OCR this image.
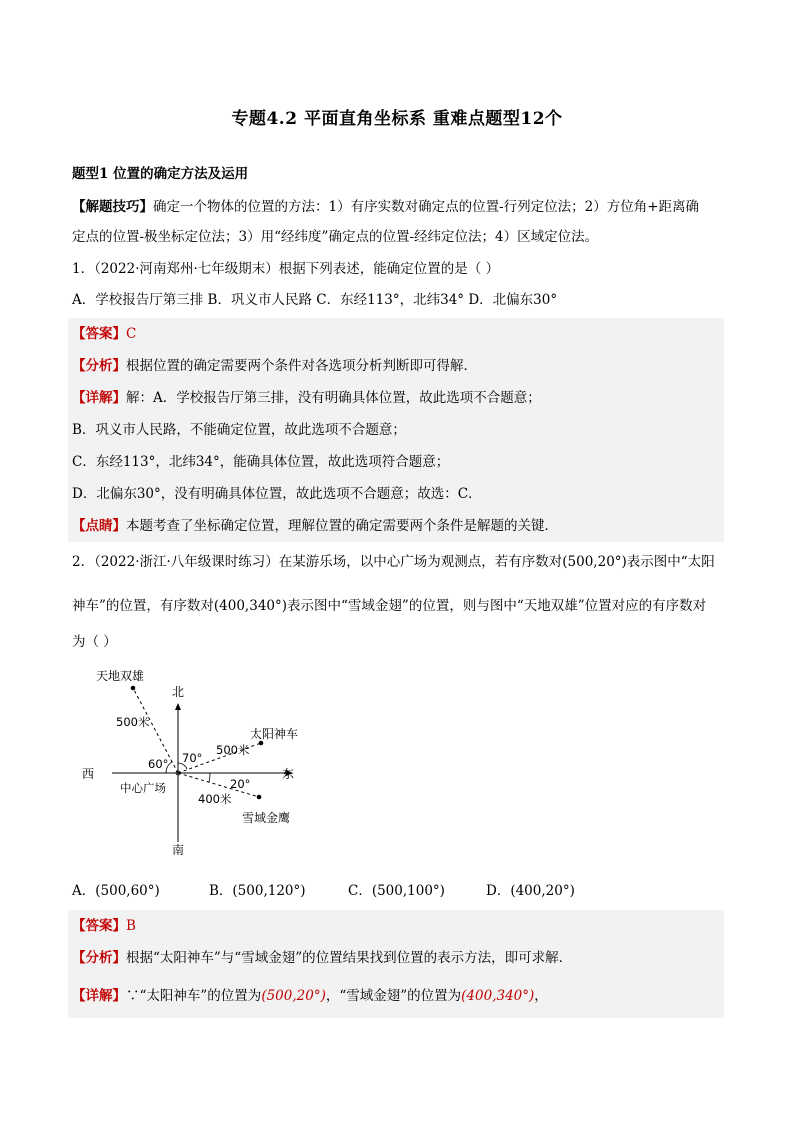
专题4.2 平面直角坐标系 重难点题型12个
题型1 位置的确定方法及运用
【解题技巧】确定一个物体的位置的方法：1）有序实数对确定点的位置-行列定位法；2）方位角+距离确
定点的位置-极坐标定位法；3）用“经纬度”确定点的位置-经纬定位法；4）区域定位法。
1．（2022·河南郑州·七年级期末）根据下列表述，能确定位置的是（ ）
A．学校报告厅第三排 B．巩义市人民路 C．东经113°，北纬34° D．北偏东30°
【答案】C
【分析】根据位置的确定需要两个条件对各选项分析判断即可得解．
【详解】解：A．学校报告厅第三排，没有明确具体位置，故此选项不合题意；
B．巩义市人民路，不能确定位置，故此选项不合题意；
C．东经113°，北纬34°，能确具体位置，故此选项符合题意；
D．北偏东30°，没有明确具体位置，故此选项不合题意；故选：C．
【点睛】本题考查了坐标确定位置，理解位置的确定需要两个条件是解题的关键．
2．（2022·浙江·八年级课时练习）在某游乐场，以中心广场为观测点，若有序数对(500,20°)表示图中“太阳
神车”的位置，有序数对(400,340°)表示图中“雪域金翅”的位置，则与图中“天地双雄”位置对应的有序数对
为（ ）
北
南
西	东
中心广场
天地双雄
500米
60° 70°
太阳神车
500米
20°
400米
雪域金鹰
A．(500,60°)	B．(500,120°)	C．(500,100°)	D．(400,20°)
【答案】B
【分析】根据“太阳神车”与“雪域金翅”的位置结果找到位置的表示方法，即可求解．
【详解】∵“太阳神车”的位置为(500,20°)，“雪域金翅”的位置为(400,340°)，
